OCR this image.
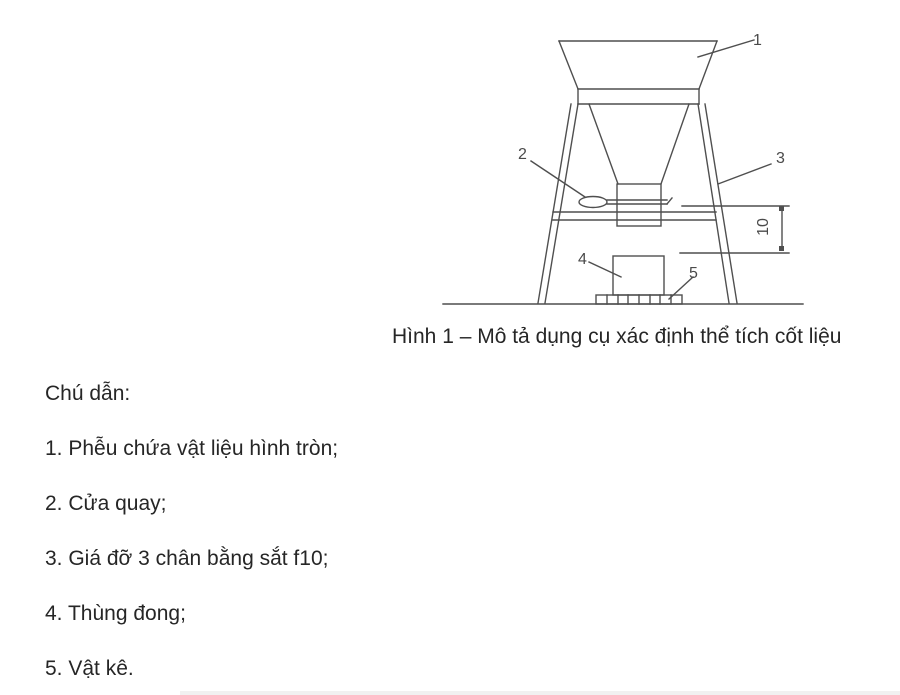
10
1
2	3
4
5
Hình 1 – Mô tả dụng cụ xác định thể tích cốt liệu
Chú dẫn:
1. Phễu chứa vật liệu hình tròn;
2. Cửa quay;
3. Giá đỡ 3 chân bằng sắt f10;
4. Thùng đong;
5. Vật kê.
